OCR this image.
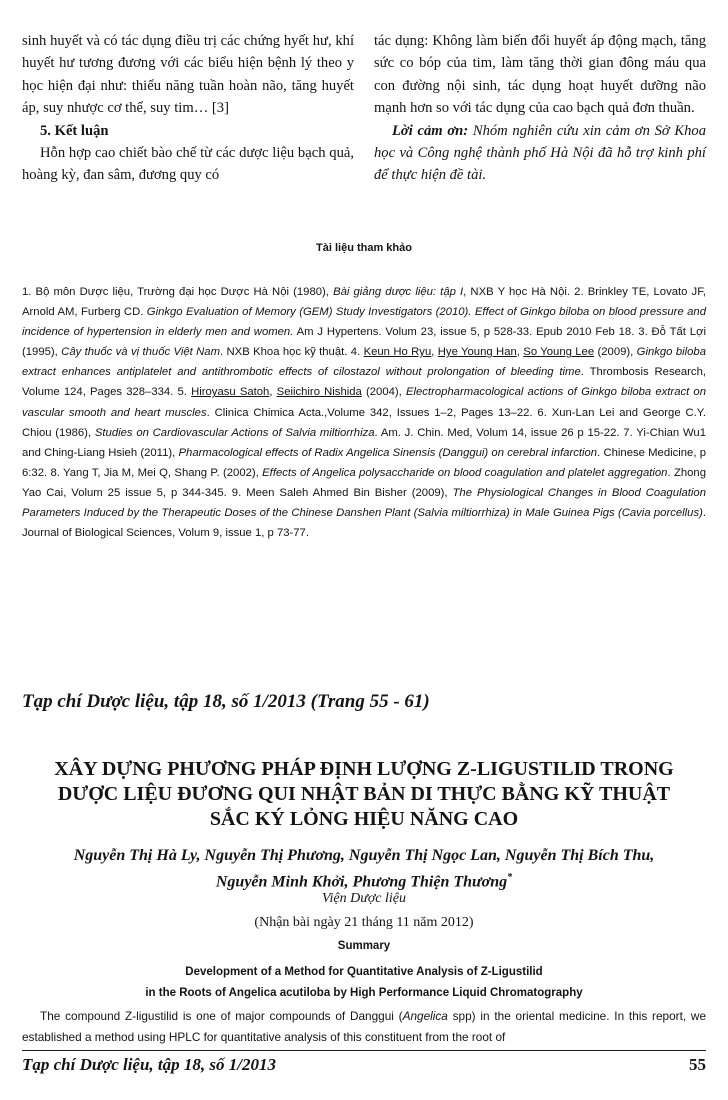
sinh huyết và có tác dụng điều trị các chứng hyết hư, khí huyết hư tương đương với các biểu hiện bệnh lý theo y học hiện đại như: thiểu năng tuần hoàn não, tăng huyết áp, suy nhược cơ thể, suy tim… [3]

5. Kết luận

Hỗn hợp cao chiết bào chế từ các dược liệu bạch quả, hoàng kỳ, đan sâm, đương quy có

tác dụng: Không làm biến đổi huyết áp động mạch, tăng sức co bóp của tim, làm tăng thời gian đông máu qua con đường nội sinh, tác dụng hoạt huyết dưỡng não mạnh hơn so với tác dụng của cao bạch quả đơn thuần.

Lời cảm ơn: Nhóm nghiên cứu xin cảm ơn Sở Khoa học và Công nghệ thành phố Hà Nội đã hỗ trợ kinh phí để thực hiện đề tài.

Tài liệu tham khảo
1. Bộ môn Dược liệu, Trường đại học Dược Hà Nội (1980), Bài giảng dược liệu: tập I, NXB Y học Hà Nội. 2. Brinkley TE, Lovato JF, Arnold AM, Furberg CD. Ginkgo Evaluation of Memory (GEM) Study Investigators (2010). Effect of Ginkgo biloba on blood pressure and incidence of hypertension in elderly men and women. Am J Hypertens. Volum 23, issue 5, p 528-33. Epub 2010 Feb 18. 3. Đỗ Tất Lợi (1995), Cây thuốc và vị thuốc Việt Nam. NXB Khoa học kỹ thuật. 4. Keun Ho Ryu, Hye Young Han, So Young Lee (2009), Ginkgo biloba extract enhances antiplatelet and antithrombotic effects of cilostazol without prolongation of bleeding time. Thrombosis Research, Volume 124, Pages 328–334. 5. Hiroyasu Satoh, Seiichiro Nishida (2004), Electropharmacological actions of Ginkgo biloba extract on vascular smooth and heart muscles. Clinica Chimica Acta.,Volume 342, Issues 1–2, Pages 13–22. 6. Xun-Lan Lei and George C.Y. Chiou (1986), Studies on Cardiovascular Actions of Salvia miltiorrhiza. Am. J. Chin. Med, Volum 14, issue 26 p 15-22. 7. Yi-Chian Wu1 and Ching-Liang Hsieh (2011), Pharmacological effects of Radix Angelica Sinensis (Danggui) on cerebral infarction. Chinese Medicine, p 6:32. 8. Yang T, Jia M, Mei Q, Shang P. (2002), Effects of Angelica polysaccharide on blood coagulation and platelet aggregation. Zhong Yao Cai, Volum 25 issue 5, p 344-345. 9. Meen Saleh Ahmed Bin Bisher (2009), The Physiological Changes in Blood Coagulation Parameters Induced by the Therapeutic Doses of the Chinese Danshen Plant (Salvia miltiorrhiza) in Male Guinea Pigs (Cavia porcellus). Journal of Biological Sciences, Volum 9, issue 1, p 73-77.
Tạp chí Dược liệu, tập 18, số 1/2013 (Trang 55 - 61)
XÂY DỰNG PHƯƠNG PHÁP ĐỊNH LƯỢNG Z-LIGUSTILID TRONG
DƯỢC LIỆU ĐƯƠNG QUI NHẬT BẢN DI THỰC BẰNG KỸ THUẬT
SẮC KÝ LỎNG HIỆU NĂNG CAO
Nguyễn Thị Hà Ly, Nguyễn Thị Phương, Nguyễn Thị Ngọc Lan, Nguyễn Thị Bích Thu,
Nguyễn Minh Khởi, Phương Thiện Thương*
Viện Dược liệu
(Nhận bài ngày 21 tháng 11 năm 2012)
Summary
Development of a Method for Quantitative Analysis of Z-Ligustilid
in the Roots of Angelica acutiloba by High Performance Liquid Chromatography
The compound Z-ligustilid is one of major compounds of Danggui (Angelica spp) in the oriental medicine. In this report, we established a method using HPLC for quantitative analysis of this constituent from the root of
Tạp chí Dược liệu, tập 18, số 1/2013	55
